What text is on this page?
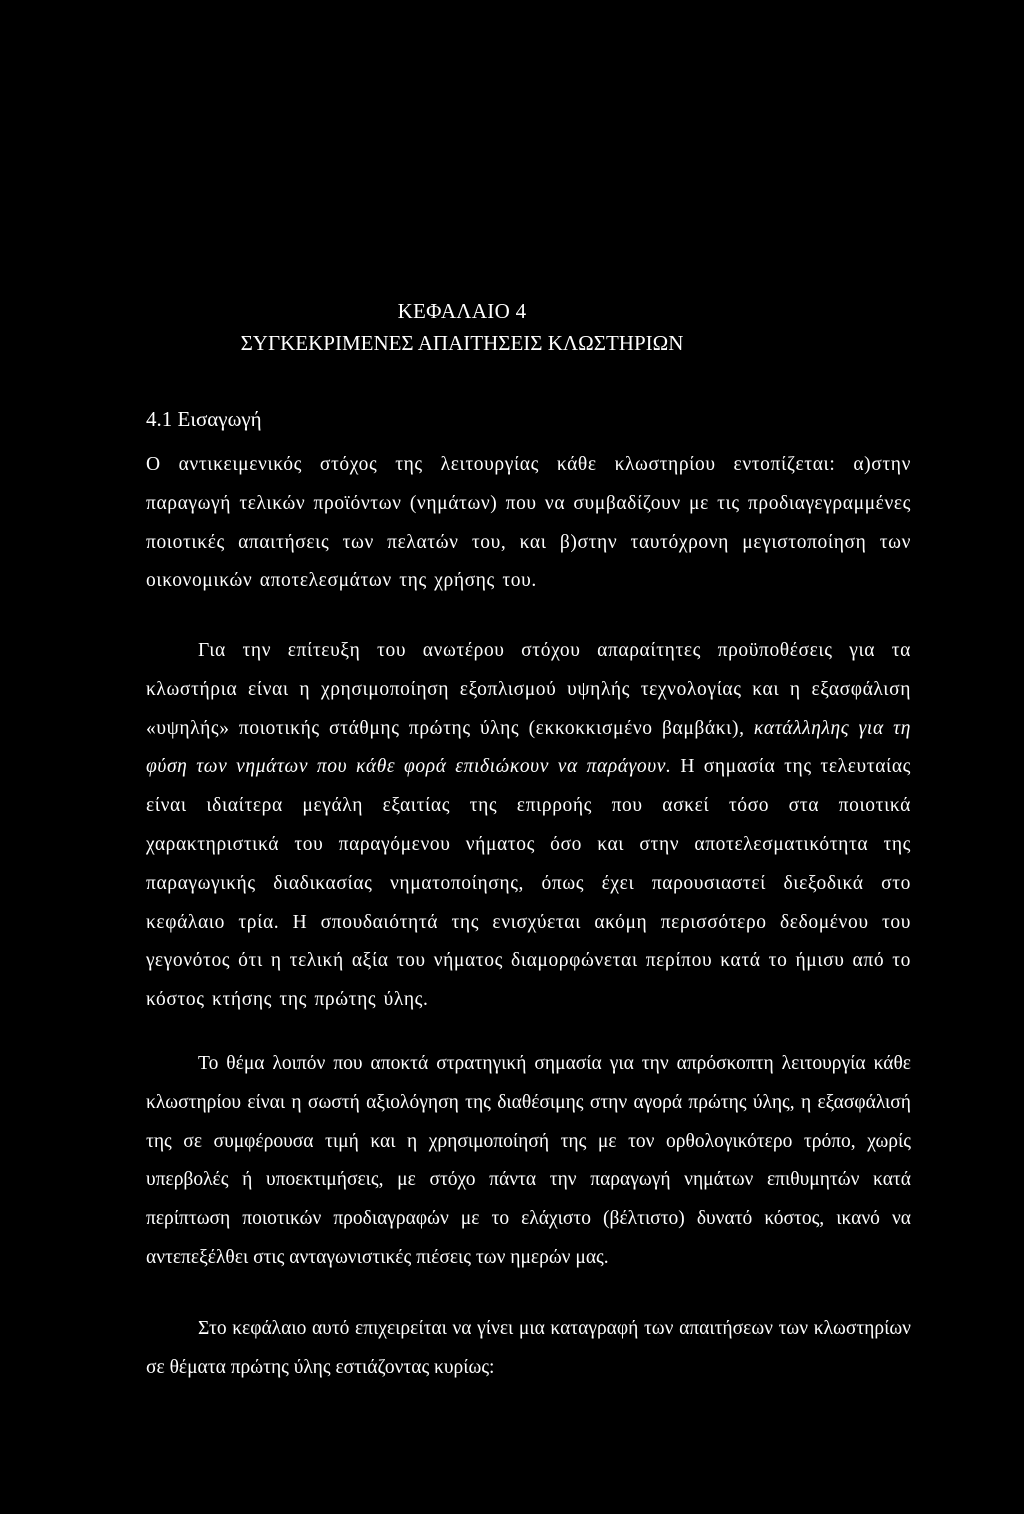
ΚΕΦΑΛΑΙΟ 4
ΣΥΓΚΕΚΡΙΜΕΝΕΣ ΑΠΑΙΤΗΣΕΙΣ ΚΛΩΣΤΗΡΙΩΝ
4.1 Εισαγωγή

Ο αντικειμενικός στόχος της λειτουργίας κάθε κλωστηρίου εντοπίζεται: α)στην παραγωγή τελικών προϊόντων (νημάτων) που να συμβαδίζουν με τις προδιαγεγραμμένες ποιοτικές απαιτήσεις των πελατών του, και β)στην ταυτόχρονη μεγιστοποίηση των οικονομικών αποτελεσμάτων της χρήσης του.

Για την επίτευξη του ανωτέρου στόχου απαραίτητες προϋποθέσεις για τα κλωστήρια είναι η χρησιμοποίηση εξοπλισμού υψηλής τεχνολογίας και η εξασφάλιση «υψηλής» ποιοτικής στάθμης πρώτης ύλης (εκκοκκισμένο βαμβάκι), κατάλληλης για τη φύση των νημάτων που κάθε φορά επιδιώκουν να παράγουν. Η σημασία της τελευταίας είναι ιδιαίτερα μεγάλη εξαιτίας της επιρροής που ασκεί τόσο στα ποιοτικά χαρακτηριστικά του παραγόμενου νήματος όσο και στην αποτελεσματικότητα της παραγωγικής διαδικασίας νηματοποίησης, όπως έχει παρουσιαστεί διεξοδικά στο κεφάλαιο τρία. Η σπουδαιότητά της ενισχύεται ακόμη περισσότερο δεδομένου του γεγονότος ότι η τελική αξία του νήματος διαμορφώνεται περίπου κατά το ήμισυ από το κόστος κτήσης της πρώτης ύλης.

Το θέμα λοιπόν που αποκτά στρατηγική σημασία για την απρόσκοπτη λειτουργία κάθε κλωστηρίου είναι η σωστή αξιολόγηση της διαθέσιμης στην αγορά πρώτης ύλης, η εξασφάλισή της σε συμφέρουσα τιμή και η χρησιμοποίησή της με τον ορθολογικότερο τρόπο, χωρίς υπερβολές ή υποεκτιμήσεις, με στόχο πάντα την παραγωγή νημάτων επιθυμητών κατά περίπτωση ποιοτικών προδιαγραφών με το ελάχιστο (βέλτιστο) δυνατό κόστος, ικανό να αντεπεξέλθει στις ανταγωνιστικές πιέσεις των ημερών μας.

Στο κεφάλαιο αυτό επιχειρείται να γίνει μια καταγραφή των απαιτήσεων των κλωστηρίων σε θέματα πρώτης ύλης εστιάζοντας κυρίως:
